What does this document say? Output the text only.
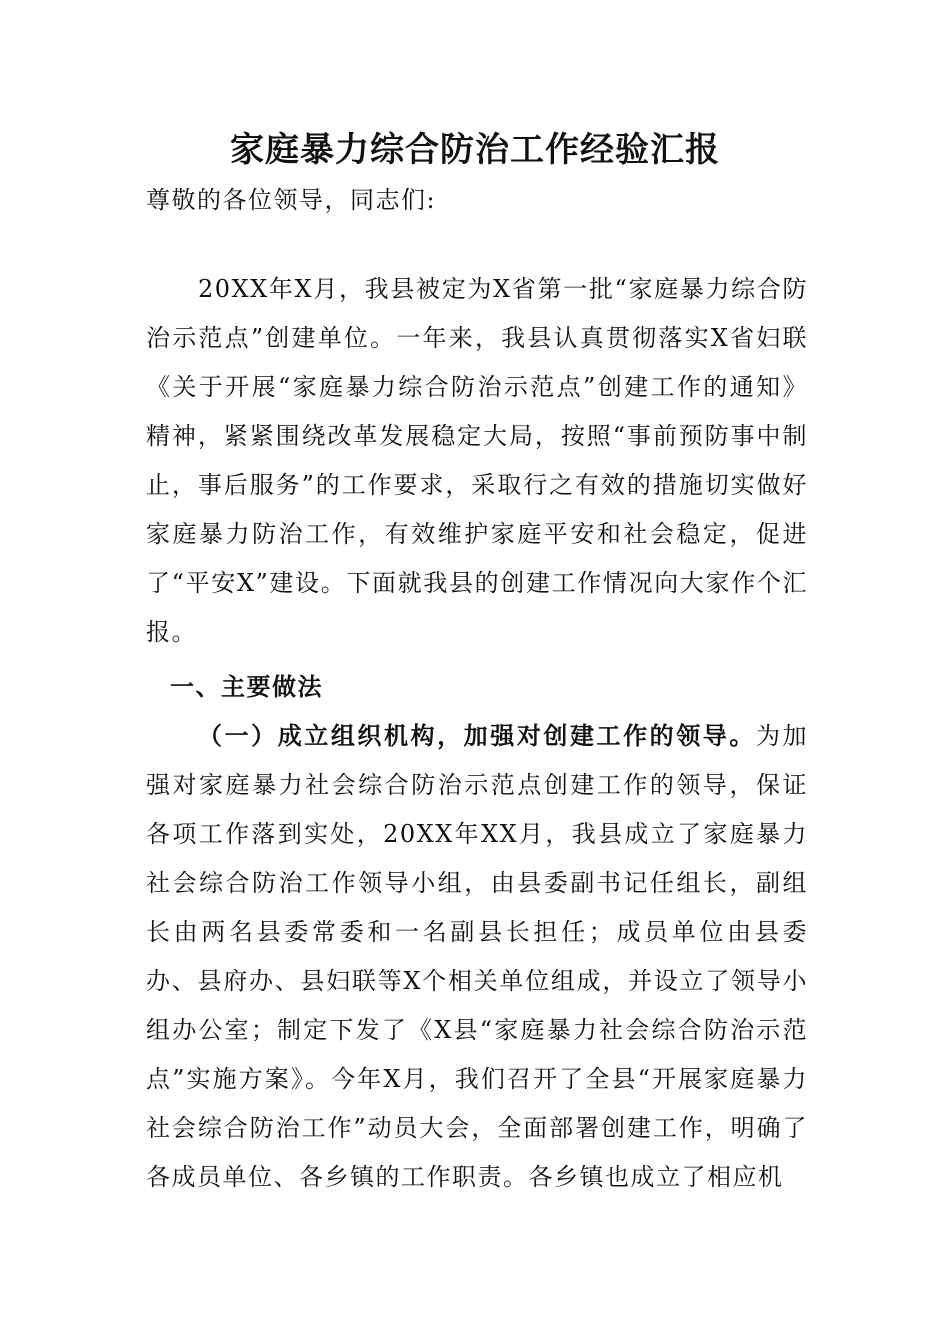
家庭暴力综合防治工作经验汇报

尊敬的各位领导，同志们:

20XX年X月，我县被定为X省第一批“家庭暴力综合防治示范点”创建单位。一年来，我县认真贯彻落实X省妇联《关于开展“家庭暴力综合防治示范点”创建工作的通知》精神，紧紧围绕改革发展稳定大局，按照“事前预防事中制止，事后服务”的工作要求，采取行之有效的措施切实做好家庭暴力防治工作，有效维护家庭平安和社会稳定，促进了“平安X”建设。下面就我县的创建工作情况向大家作个汇报。

一、主要做法

（一）成立组织机构，加强对创建工作的领导。为加强对家庭暴力社会综合防治示范点创建工作的领导，保证各项工作落到实处，20XX年XX月，我县成立了家庭暴力社会综合防治工作领导小组，由县委副书记任组长，副组长由两名县委常委和一名副县长担任；成员单位由县委办、县府办、县妇联等X个相关单位组成，并设立了领导小组办公室；制定下发了《X县“家庭暴力社会综合防治示范点”实施方案》。今年X月，我们召开了全县“开展家庭暴力社会综合防治工作”动员大会，全面部署创建工作，明确了各成员单位、各乡镇的工作职责。各乡镇也成立了相应机
